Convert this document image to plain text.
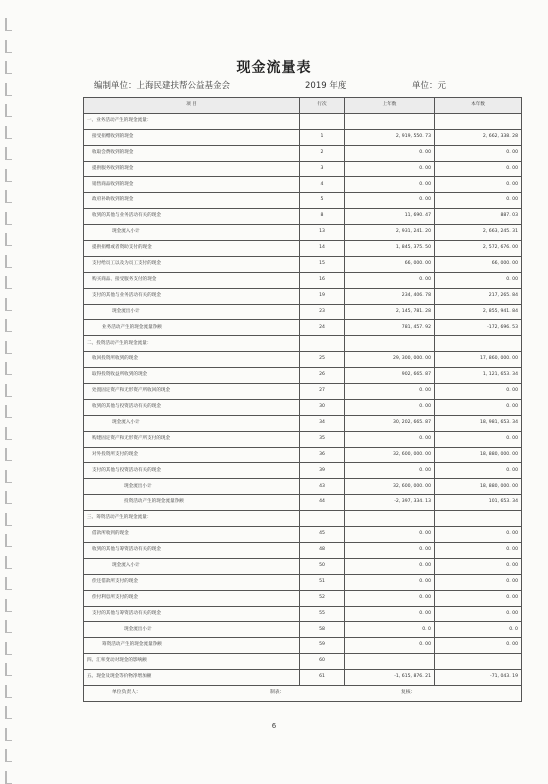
现金流量表
编制单位：上海民建扶帮公益基金会	2019 年度	单位：元
项 目	行次	上年数	本年数
一、业务活动产生的现金流量：			
接受捐赠收到的现金	1	2, 919, 550. 73	2, 662, 338. 28
收取会费收到的现金	2	0. 00	0. 00
提供服务收到的现金	3	0. 00	0. 00
销售商品收到的现金	4	0. 00	0. 00
政府补助收到的现金	5	0. 00	0. 00
收到的其他与业务活动有关的现金	8	11, 690. 47	887. 03
现金流入小计	13	2, 931, 241. 20	2, 663, 245. 31
提供捐赠或者资助支付的现金	14	1, 845, 375. 50	2, 572, 676. 00
支付给员工以及为员工支付的现金	15	66, 000. 00	66, 000. 00
购买商品、接受服务支付的现金	16	0. 00	0. 00
支付的其他与业务活动有关的现金	19	234, 406. 78	217, 265. 84
现金流出小计	23	2, 145, 781. 28	2, 855, 941. 84
业务活动产生的现金流量净额	24	781, 457. 92	-172, 696. 53
二、投资活动产生的现金流量：			
收回投资所收到的现金	25	29, 300, 000. 00	17, 860, 000. 00
取得投资收益所收到的现金	26	902, 665. 87	1, 121, 653. 34
处置固定资产和无形资产所收回的现金	27	0. 00	0. 00
收到的其他与投资活动有关的现金	30	0. 00	0. 00
现金流入小计	34	30, 202, 665. 87	18, 981, 653. 34
购建固定资产和无形资产所支付的现金	35	0. 00	0. 00
对外投资所支付的现金	36	32, 600, 000. 00	18, 880, 000. 00
支付的其他与投资活动有关的现金	39	0. 00	0. 00
现金流出小计	43	32, 600, 000. 00	18, 880, 000. 00
投资活动产生的现金流量净额	44	-2, 397, 334. 13	101, 653. 34
三、筹资活动产生的现金流量：			
借款所收到的现金	45	0. 00	0. 00
收到的其他与筹资活动有关的现金	48	0. 00	0. 00
现金流入小计	50	0. 00	0. 00
偿还借款所支付的现金	51	0. 00	0. 00
偿付利息所支付的现金	52	0. 00	0. 00
支付的其他与筹资活动有关的现金	55	0. 00	0. 00
现金流出小计	58	0. 0	0. 0
筹资活动产生的现金流量净额	59	0. 00	0. 00
四、汇率变动对现金的影响额	60		
五、现金及现金等价物净增加额	61	-1, 615, 876. 21	-71, 043. 19

单位负责人： 制表： 复核：			
6
